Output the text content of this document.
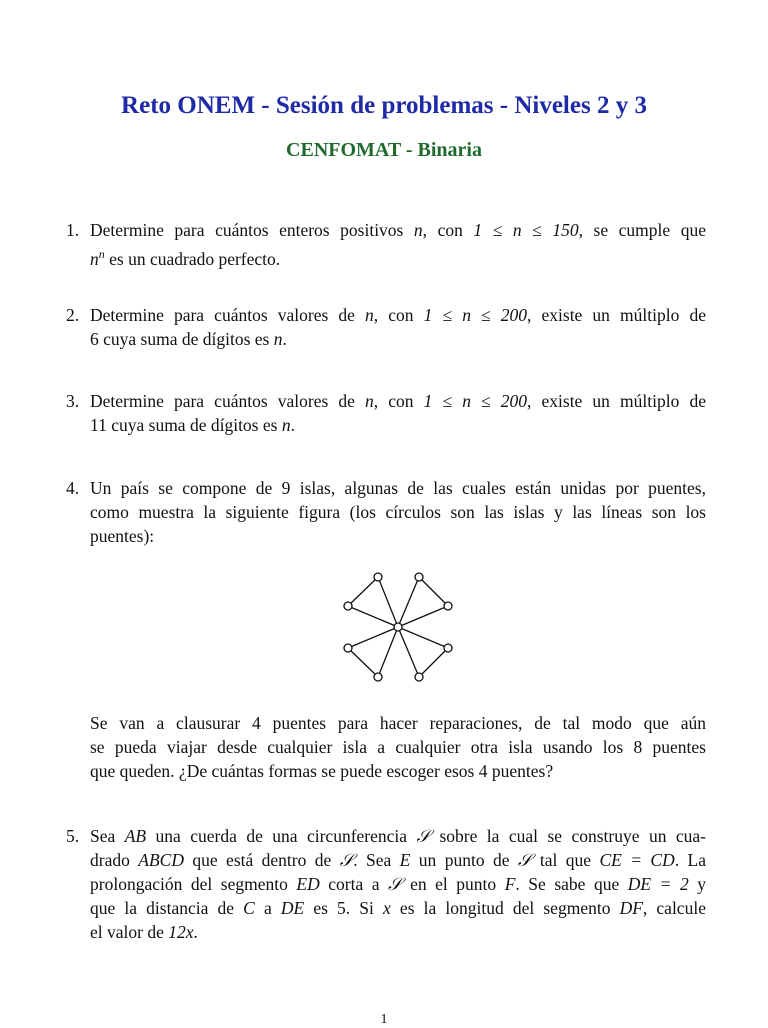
Reto ONEM - Sesión de problemas - Niveles 2 y 3
CENFOMAT - Binaria
1. Determine para cuántos enteros positivos n, con 1 ≤ n ≤ 150, se cumple que
$n^n$ es un cuadrado perfecto.
2. Determine para cuántos valores de n, con 1 ≤ n ≤ 200, existe un múltiplo de
6 cuya suma de dígitos es n.
3. Determine para cuántos valores de n, con 1 ≤ n ≤ 200, existe un múltiplo de
11 cuya suma de dígitos es n.
4. Un país se compone de 9 islas, algunas de las cuales están unidas por puentes,
como muestra la siguiente figura (los círculos son las islas y las líneas son los
puentes):
Se van a clausurar 4 puentes para hacer reparaciones, de tal modo que aún
se pueda viajar desde cualquier isla a cualquier otra isla usando los 8 puentes
que queden. ¿De cuántas formas se puede escoger esos 4 puentes?
5. Sea AB una cuerda de una circunferencia 𝒮 sobre la cual se construye un cua-
drado ABCD que está dentro de 𝒮. Sea E un punto de 𝒮 tal que CE = CD. La
prolongación del segmento ED corta a 𝒮 en el punto F. Se sabe que DE = 2 y
que la distancia de C a DE es 5. Si x es la longitud del segmento DF, calcule
el valor de 12x.
1
